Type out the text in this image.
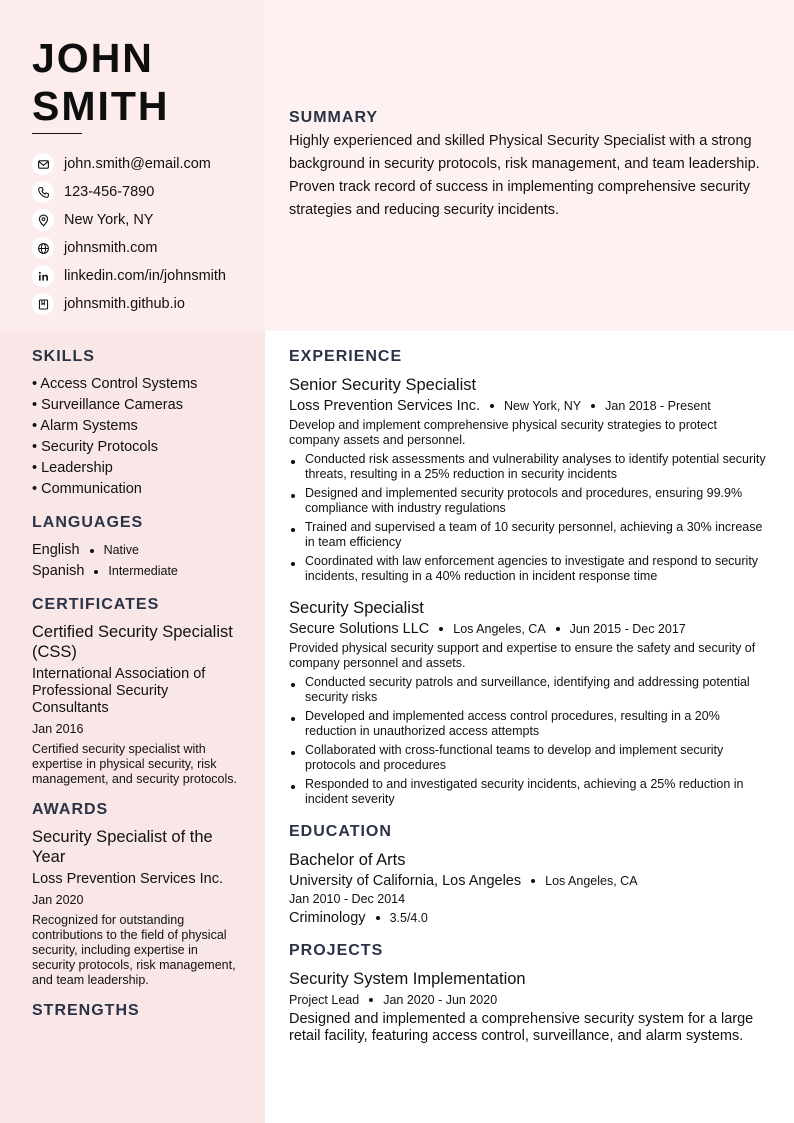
JOHN
SMITH
john.smith@email.com
123-456-7890
New York, NY
johnsmith.com
linkedin.com/in/johnsmith
johnsmith.github.io
SUMMARY

Highly experienced and skilled Physical Security Specialist with a strong background in security protocols, risk management, and team leadership. Proven track record of success in implementing comprehensive security strategies and reducing security incidents.

SKILLS
• Access Control Systems
• Surveillance Cameras
• Alarm Systems
• Security Protocols
• Leadership
• Communication
LANGUAGES
English Native
Spanish Intermediate
CERTIFICATES
Certified Security Specialist (CSS)
International Association of Professional Security Consultants
Jan 2016
Certified security specialist with expertise in physical security, risk management, and security protocols.
AWARDS
Security Specialist of the Year
Loss Prevention Services Inc.
Jan 2020
Recognized for outstanding contributions to the field of physical security, including expertise in security protocols, risk management, and team leadership.
STRENGTHS
EXPERIENCE
Senior Security Specialist
Loss Prevention Services Inc. New York, NY Jan 2018 - Present
Develop and implement comprehensive physical security strategies to protect company assets and personnel.
Conducted risk assessments and vulnerability analyses to identify potential security threats, resulting in a 25% reduction in security incidents
Designed and implemented security protocols and procedures, ensuring 99.9% compliance with industry regulations
Trained and supervised a team of 10 security personnel, achieving a 30% increase in team efficiency
Coordinated with law enforcement agencies to investigate and respond to security incidents, resulting in a 40% reduction in incident response time
Security Specialist
Secure Solutions LLC Los Angeles, CA Jun 2015 - Dec 2017
Provided physical security support and expertise to ensure the safety and security of company personnel and assets.
Conducted security patrols and surveillance, identifying and addressing potential security risks
Developed and implemented access control procedures, resulting in a 20% reduction in unauthorized access attempts
Collaborated with cross-functional teams to develop and implement security protocols and procedures
Responded to and investigated security incidents, achieving a 25% reduction in incident severity
EDUCATION
Bachelor of Arts
University of California, Los Angeles Los Angeles, CA
Jan 2010 - Dec 2014
Criminology 3.5/4.0
PROJECTS
Security System Implementation
Project Lead Jan 2020 - Jun 2020
Designed and implemented a comprehensive security system for a large retail facility, featuring access control, surveillance, and alarm systems.
